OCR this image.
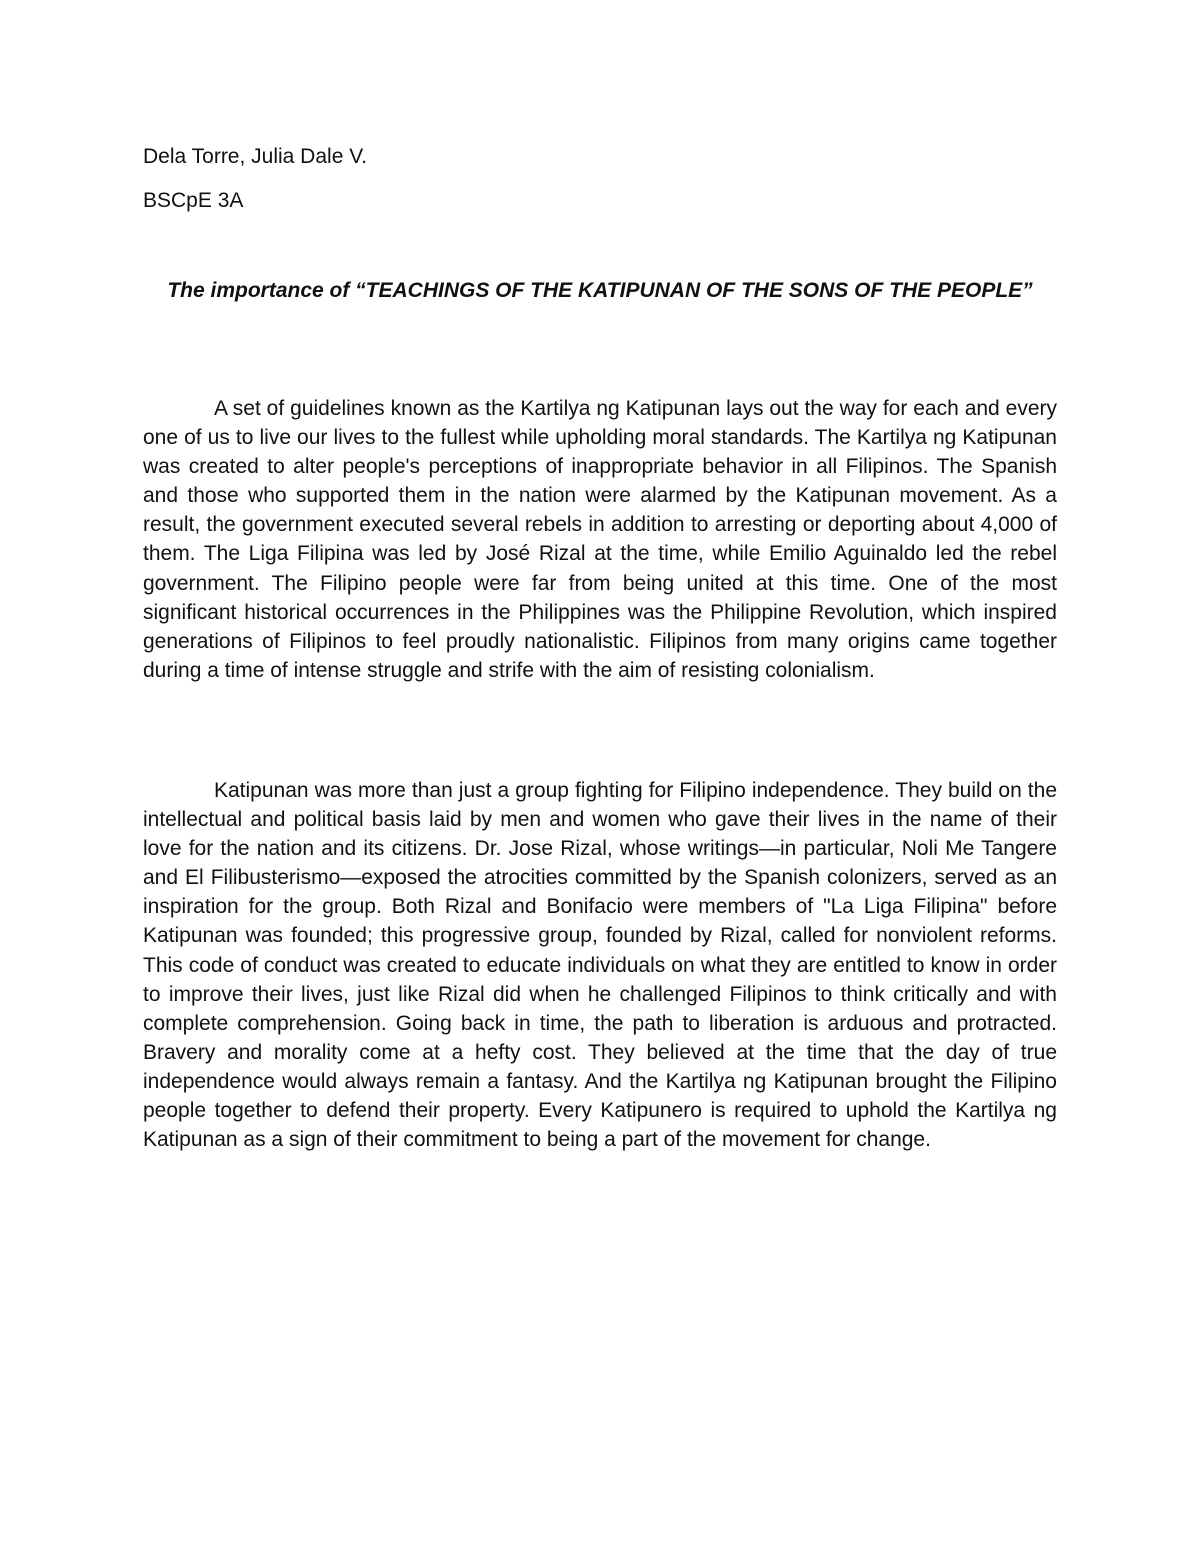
Dela Torre, Julia Dale V.

BSCpE 3A

The importance of “TEACHINGS OF THE KATIPUNAN OF THE SONS OF THE PEOPLE”

A set of guidelines known as the Kartilya ng Katipunan lays out the way for each and every one of us to live our lives to the fullest while upholding moral standards. The Kartilya ng Katipunan was created to alter people's perceptions of inappropriate behavior in all Filipinos. The Spanish and those who supported them in the nation were alarmed by the Katipunan movement. As a result, the government executed several rebels in addition to arresting or deporting about 4,000 of them. The Liga Filipina was led by José Rizal at the time, while Emilio Aguinaldo led the rebel government. The Filipino people were far from being united at this time. One of the most significant historical occurrences in the Philippines was the Philippine Revolution, which inspired generations of Filipinos to feel proudly nationalistic. Filipinos from many origins came together during a time of intense struggle and strife with the aim of resisting colonialism.

Katipunan was more than just a group fighting for Filipino independence. They build on the intellectual and political basis laid by men and women who gave their lives in the name of their love for the nation and its citizens. Dr. Jose Rizal, whose writings—in particular, Noli Me Tangere and El Filibusterismo—exposed the atrocities committed by the Spanish colonizers, served as an inspiration for the group. Both Rizal and Bonifacio were members of "La Liga Filipina" before Katipunan was founded; this progressive group, founded by Rizal, called for nonviolent reforms. This code of conduct was created to educate individuals on what they are entitled to know in order to improve their lives, just like Rizal did when he challenged Filipinos to think critically and with complete comprehension. Going back in time, the path to liberation is arduous and protracted. Bravery and morality come at a hefty cost. They believed at the time that the day of true independence would always remain a fantasy. And the Kartilya ng Katipunan brought the Filipino people together to defend their property. Every Katipunero is required to uphold the Kartilya ng Katipunan as a sign of their commitment to being a part of the movement for change.
